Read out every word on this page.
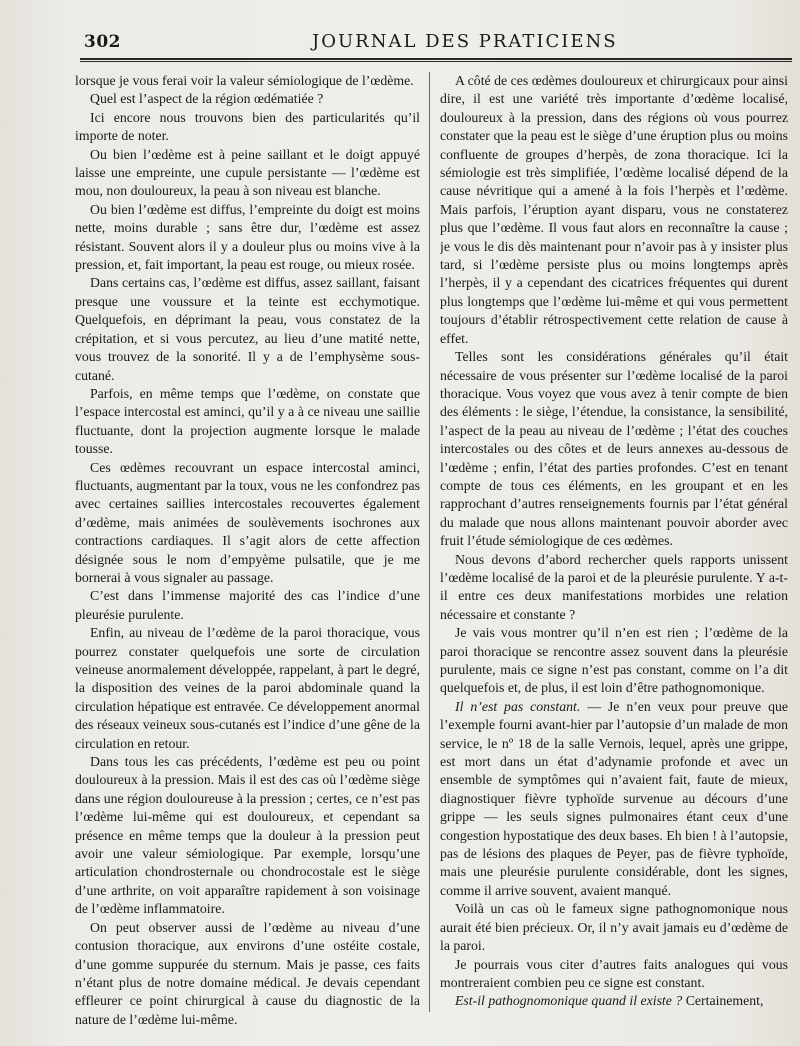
302	JOURNAL DES PRATICIENS

lorsque je vous ferai voir la valeur sémiologique de l’œdème.

Quel est l’aspect de la région œdématiée ?

Ici encore nous trouvons bien des particularités qu’il importe de noter.

Ou bien l’œdème est à peine saillant et le doigt appuyé laisse une empreinte, une cupule persistante — l’œdème est mou, non douloureux, la peau à son niveau est blanche.

Ou bien l’œdème est diffus, l’empreinte du doigt est moins nette, moins durable ; sans être dur, l’œdème est assez résistant. Souvent alors il y a douleur plus ou moins vive à la pression, et, fait important, la peau est rouge, ou mieux rosée.

Dans certains cas, l’œdème est diffus, assez saillant, faisant presque une voussure et la teinte est ecchymotique. Quelquefois, en déprimant la peau, vous constatez de la crépitation, et si vous percutez, au lieu d’une matité nette, vous trouvez de la sonorité. Il y a de l’emphysème sous-cutané.

Parfois, en même temps que l’œdème, on constate que l’espace intercostal est aminci, qu’il y a à ce niveau une saillie fluctuante, dont la projection augmente lorsque le malade tousse.

Ces œdèmes recouvrant un espace intercostal aminci, fluctuants, augmentant par la toux, vous ne les confondrez pas avec certaines saillies intercostales recouvertes également d’œdème, mais animées de soulèvements isochrones aux contractions cardiaques. Il s’agit alors de cette affection désignée sous le nom d’empyème pulsatile, que je me bornerai à vous signaler au passage.

C’est dans l’immense majorité des cas l’indice d’une pleurésie purulente.

Enfin, au niveau de l’œdème de la paroi thoracique, vous pourrez constater quelquefois une sorte de circulation veineuse anormalement développée, rappelant, à part le degré, la disposition des veines de la paroi abdominale quand la circulation hépatique est entravée. Ce développement anormal des réseaux veineux sous-cutanés est l’indice d’une gêne de la circulation en retour.

Dans tous les cas précédents, l’œdème est peu ou point douloureux à la pression. Mais il est des cas où l’œdème siège dans une région douloureuse à la pression ; certes, ce n’est pas l’œdème lui-même qui est douloureux, et cependant sa présence en même temps que la douleur à la pression peut avoir une valeur sémiologique. Par exemple, lorsqu’une articulation chondrosternale ou chondrocostale est le siège d’une arthrite, on voit apparaître rapidement à son voisinage de l’œdème inflammatoire.

On peut observer aussi de l’œdème au niveau d’une contusion thoracique, aux environs d’une ostéite costale, d’une gomme suppurée du sternum. Mais je passe, ces faits n’étant plus de notre domaine médical. Je devais cependant effleurer ce point chirurgical à cause du diagnostic de la nature de l’œdème lui-même.

A côté de ces œdèmes douloureux et chirurgicaux pour ainsi dire, il est une variété très importante d’œdème localisé, douloureux à la pression, dans des régions où vous pourrez constater que la peau est le siège d’une éruption plus ou moins confluente de groupes d’herpès, de zona thoracique. Ici la sémiologie est très simplifiée, l’œdème localisé dépend de la cause névritique qui a amené à la fois l’herpès et l’œdème. Mais parfois, l’éruption ayant disparu, vous ne constaterez plus que l’œdème. Il vous faut alors en reconnaître la cause ; je vous le dis dès maintenant pour n’avoir pas à y insister plus tard, si l’œdème persiste plus ou moins longtemps après l’herpès, il y a cependant des cicatrices fréquentes qui durent plus longtemps que l’œdème lui-même et qui vous permettent toujours d’établir rétrospectivement cette relation de cause à effet.

Telles sont les considérations générales qu’il était nécessaire de vous présenter sur l’œdème localisé de la paroi thoracique. Vous voyez que vous avez à tenir compte de bien des éléments : le siège, l’étendue, la consistance, la sensibilité, l’aspect de la peau au niveau de l’œdème ; l’état des couches intercostales ou des côtes et de leurs annexes au-dessous de l’œdème ; enfin, l’état des parties profondes. C’est en tenant compte de tous ces éléments, en les groupant et en les rapprochant d’autres renseignements fournis par l’état général du malade que nous allons maintenant pouvoir aborder avec fruit l’étude sémiologique de ces œdèmes.

Nous devons d’abord rechercher quels rapports unissent l’œdème localisé de la paroi et de la pleurésie purulente. Y a-t-il entre ces deux manifestations morbides une relation nécessaire et constante ?

Je vais vous montrer qu’il n’en est rien ; l’œdème de la paroi thoracique se rencontre assez souvent dans la pleurésie purulente, mais ce signe n’est pas constant, comme on l’a dit quelquefois et, de plus, il est loin d’être pathognomonique.

Il n’est pas constant. — Je n’en veux pour preuve que l’exemple fourni avant-hier par l’autopsie d’un malade de mon service, le nº 18 de la salle Vernois, lequel, après une grippe, est mort dans un état d’adynamie profonde et avec un ensemble de symptômes qui n’avaient fait, faute de mieux, diagnostiquer fièvre typhoïde survenue au décours d’une grippe — les seuls signes pulmonaires étant ceux d’une congestion hypostatique des deux bases. Eh bien ! à l’autopsie, pas de lésions des plaques de Peyer, pas de fièvre typhoïde, mais une pleurésie purulente considérable, dont les signes, comme il arrive souvent, avaient manqué.

Voilà un cas où le fameux signe pathognomonique nous aurait été bien précieux. Or, il n’y avait jamais eu d’œdème de la paroi.

Je pourrais vous citer d’autres faits analogues qui vous montreraient combien peu ce signe est constant.

Est-il pathognomonique quand il existe ? Certainement,
